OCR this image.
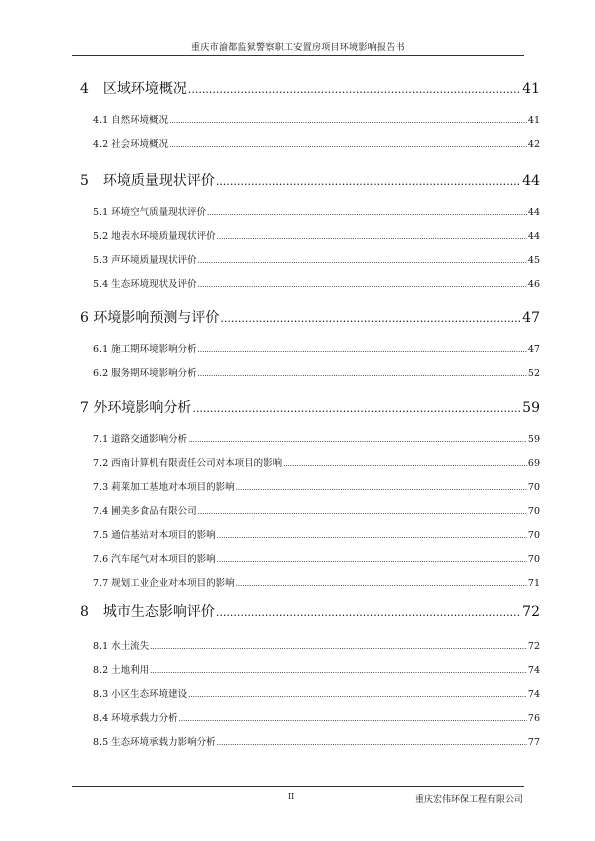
重庆市渝都监狱警察职工安置房项目环境影响报告书
4　区域环境概况 .....	41
4.1 自然环境概况 .....	41
4.2 社会环境概况 .....	42
5　环境质量现状评价 .....	44
5.1 环境空气质量现状评价 .....	44
5.2 地表水环境质量现状评价 .....	44
5.3 声环境质量现状评价 .....	45
5.4 生态环境现状及评价 .....	46
6 环境影响预测与评价 .....	47
6.1 施工期环境影响分析 .....	47
6.2 服务期环境影响分析 .....	52
7 外环境影响分析 .....	59
7.1 道路交通影响分析 .....	59
7.2 西南计算机有限责任公司对本项目的影响 .....	69
7.3 莉莱加工基地对本项目的影响 .....	70
7.4 圃美多食品有限公司 .....	70
7.5 通信基站对本项目的影响 .....	70
7.6 汽车尾气对本项目的影响 .....	70
7.7 规划工业企业对本项目的影响 .....	71
8　城市生态影响评价 .....	72
8.1 水土流失 .....	72
8.2 土地利用 .....	74
8.3 小区生态环境建设 .....	74
8.4 环境承载力分析 .....	76
8.5 生态环境承载力影响分析 .....	77
II	重庆宏伟环保工程有限公司
